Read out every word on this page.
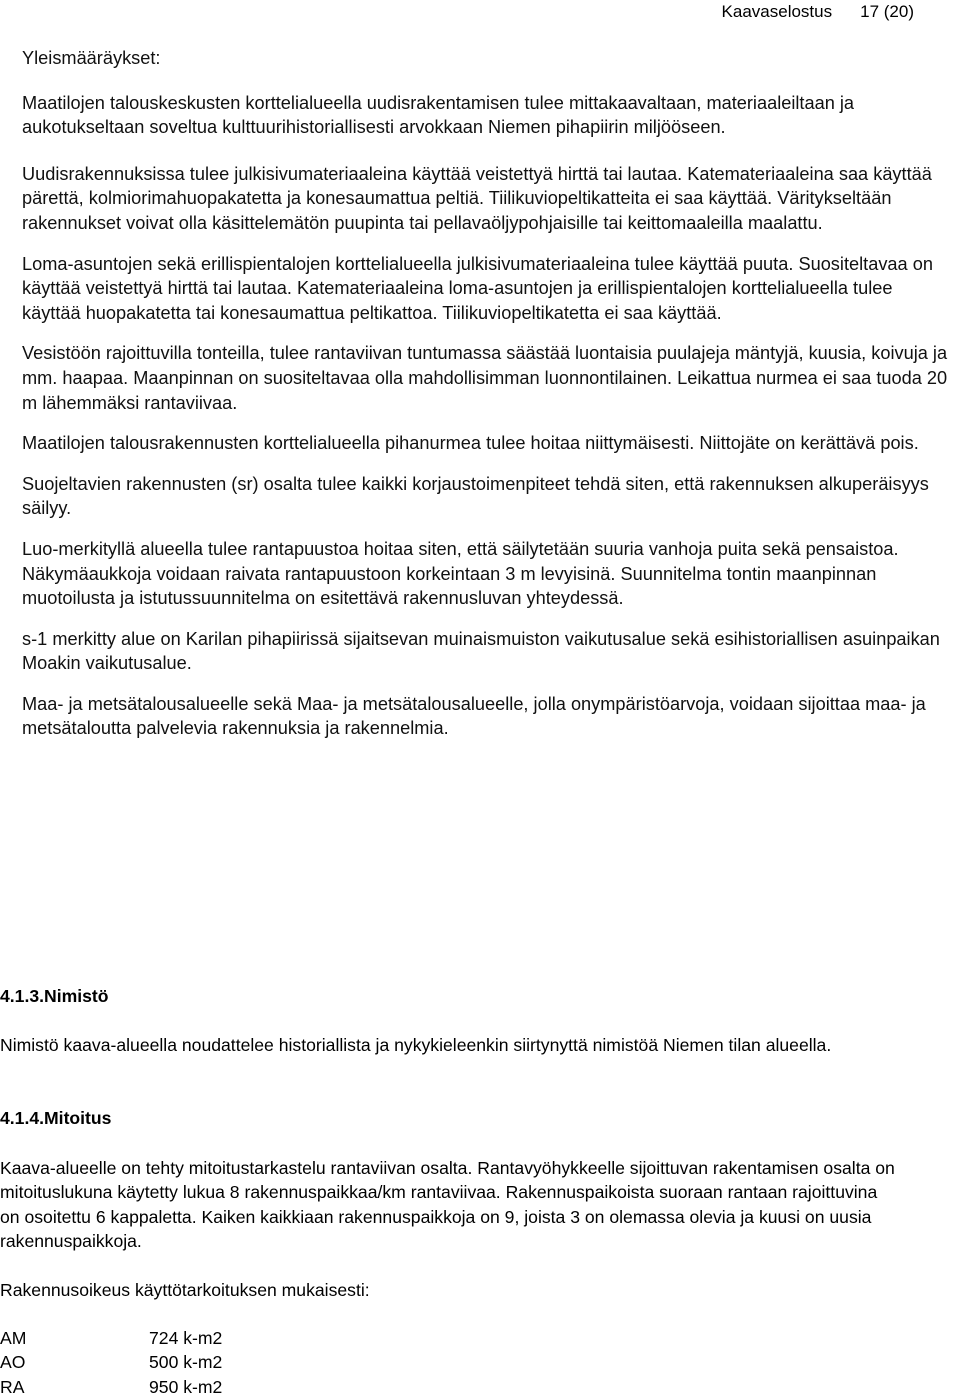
Kaavaselostus 17 (20)
Yleismääräykset:
Maatilojen talouskeskusten korttelialueella uudisrakentamisen tulee mittakaavaltaan, materiaaleiltaan ja aukotukseltaan soveltua kulttuurihistoriallisesti arvokkaan Niemen pihapiirin miljööseen.
Uudisrakennuksissa tulee julkisivumateriaaleina käyttää veistettyä hirttä tai lautaa. Katemateriaaleina saa käyttää pärettä, kolmiorimahuopakatetta ja konesaumattua peltiä. Tiilikuviopeltikatteita ei saa käyttää. Väritykseltään rakennukset voivat olla käsittelemätön puupinta tai pellavaöljypohjaisille tai keittomaaleilla maalattu.
Loma-asuntojen sekä erillispientalojen korttelialueella julkisivumateriaaleina tulee käyttää puuta. Suositeltavaa on käyttää veistettyä hirttä tai lautaa. Katemateriaaleina loma-asuntojen ja erillispientalojen korttelialueella tulee käyttää huopakatetta tai konesaumattua peltikattoa. Tiilikuviopeltikatetta ei saa käyttää.
Vesistöön rajoittuvilla tonteilla, tulee rantaviivan tuntumassa säästää luontaisia puulajeja mäntyjä, kuusia, koivuja ja mm. haapaa. Maanpinnan on suositeltavaa olla mahdollisimman luonnontilainen. Leikattua nurmea ei saa tuoda 20 m lähemmäksi rantaviivaa.
Maatilojen talousrakennusten korttelialueella pihanurmea tulee hoitaa niittymäisesti. Niittojäte on kerättävä pois.
Suojeltavien rakennusten (sr) osalta tulee kaikki korjaustoimenpiteet tehdä siten, että rakennuksen alkuperäisyys säilyy.
Luo-merkityllä alueella tulee rantapuustoa hoitaa siten, että säilytetään suuria vanhoja puita sekä pensaistoa. Näkymäaukkoja voidaan raivata rantapuustoon korkeintaan 3 m levyisinä. Suunnitelma tontin maanpinnan muotoilusta ja istutussuunnitelma on esitettävä rakennusluvan yhteydessä.
s-1 merkitty alue on Karilan pihapiirissä sijaitsevan muinaismuiston vaikutusalue sekä esihistoriallisen asuinpaikan Moakin vaikutusalue.
Maa- ja metsätalousalueelle sekä Maa- ja metsätalousalueelle, jolla onympäristöarvoja, voidaan sijoittaa maa- ja metsätaloutta palvelevia rakennuksia ja rakennelmia.
4.1.3.Nimistö
Nimistö kaava-alueella noudattelee historiallista ja nykykieleenkin siirtynyttä nimistöä Niemen tilan alueella.
4.1.4.Mitoitus
Kaava-alueelle on tehty mitoitustarkastelu rantaviivan osalta. Rantavyöhykkeelle sijoittuvan rakentamisen osalta on mitoituslukuna käytetty lukua 8 rakennuspaikkaa/km rantaviivaa. Rakennuspaikoista suoraan rantaan rajoittuvina on osoitettu 6 kappaletta. Kaiken kaikkiaan rakennuspaikkoja on 9, joista 3 on olemassa olevia ja kuusi on uusia rakennuspaikkoja.
Rakennusoikeus käyttötarkoituksen mukaisesti:
AM	724 k-m2
AO	500 k-m2
RA	950 k-m2
